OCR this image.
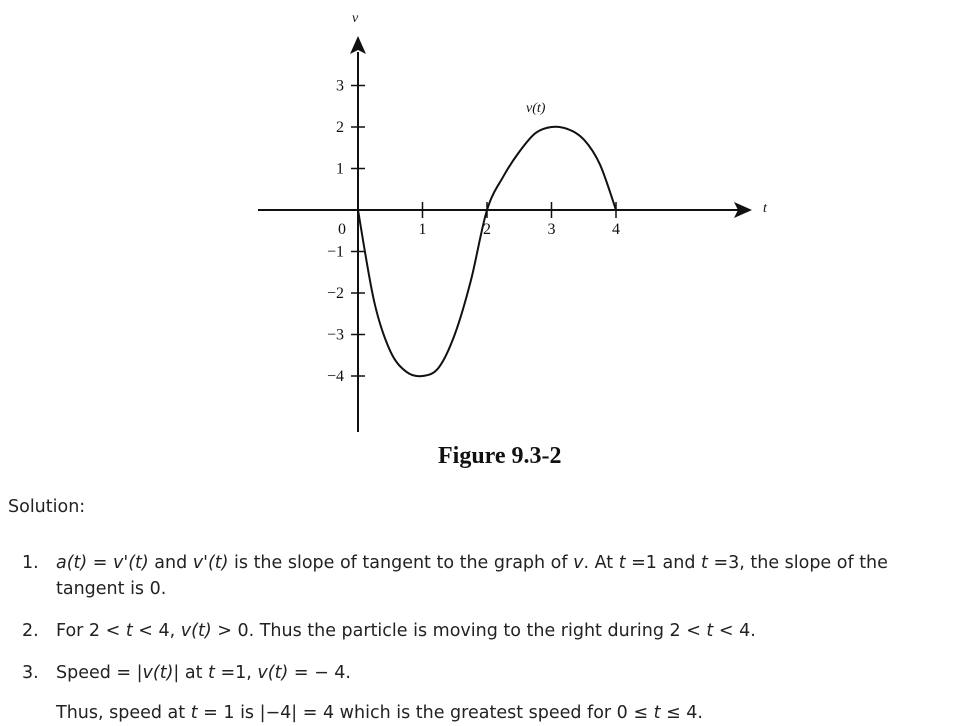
0	1	2	3	4
3
2
1
−1
−2
−3
−4
t
v
v(t)
Figure 9.3-2
Solution:
1. a(t) = v'(t) and v'(t) is the slope of tangent to the graph of v. At t =1 and t =3, the slope of the tangent is 0.
2. For 2 < t < 4, v(t) > 0. Thus the particle is moving to the right during 2 < t < 4.
3. Speed = |v(t)| at t =1, v(t) = − 4.
Thus, speed at t = 1 is |−4| = 4 which is the greatest speed for 0 ≤ t ≤ 4.
